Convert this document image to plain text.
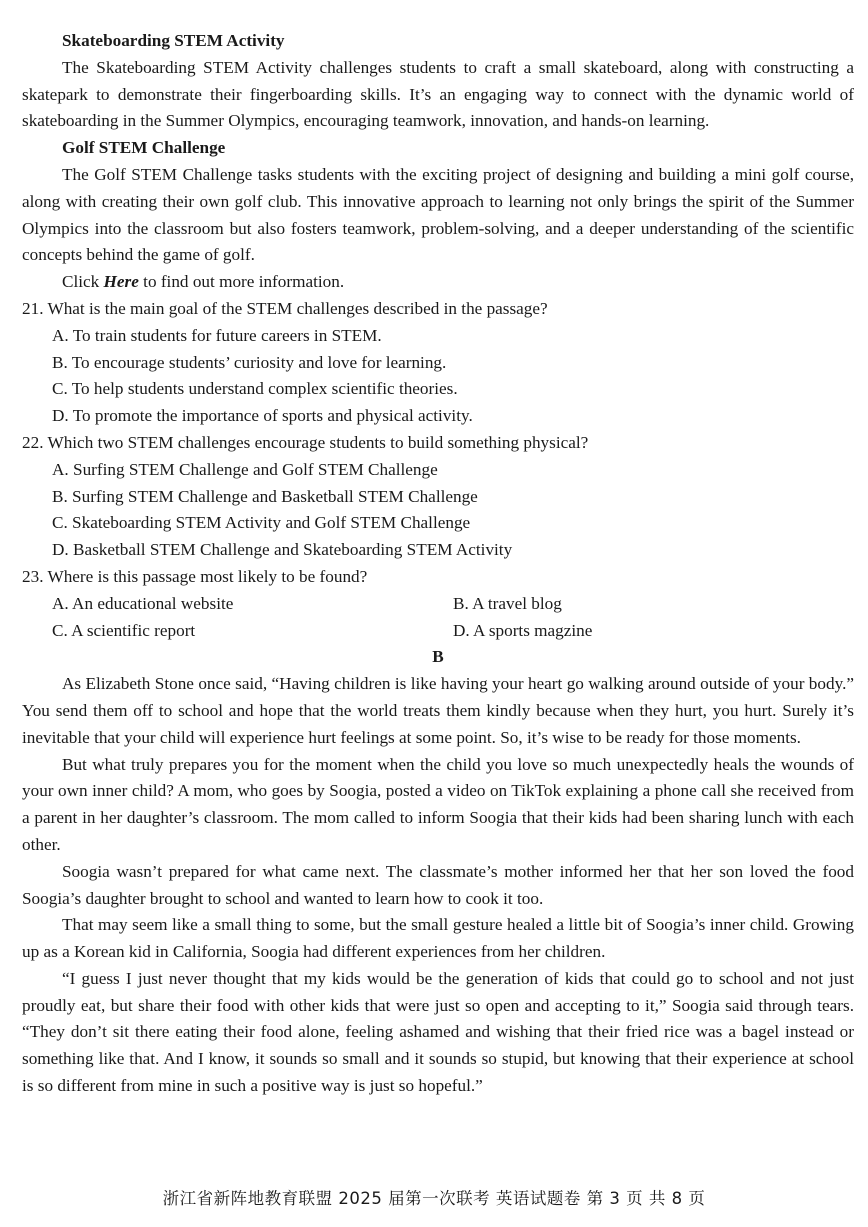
Skateboarding STEM Activity

The Skateboarding STEM Activity challenges students to craft a small skateboard, along with constructing a skatepark to demonstrate their fingerboarding skills. It’s an engaging way to connect with the dynamic world of skateboarding in the Summer Olympics, encouraging teamwork, innovation, and hands-on learning.

Golf STEM Challenge

The Golf STEM Challenge tasks students with the exciting project of designing and building a mini golf course, along with creating their own golf club. This innovative approach to learning not only brings the spirit of the Summer Olympics into the classroom but also fosters teamwork, problem-solving, and a deeper understanding of the scientific concepts behind the game of golf.

Click Here to find out more information.

21. What is the main goal of the STEM challenges described in the passage?

A. To train students for future careers in STEM.

B. To encourage students’ curiosity and love for learning.

C. To help students understand complex scientific theories.

D. To promote the importance of sports and physical activity.

22. Which two STEM challenges encourage students to build something physical?

A. Surfing STEM Challenge and Golf STEM Challenge

B. Surfing STEM Challenge and Basketball STEM Challenge

C. Skateboarding STEM Activity and Golf STEM Challenge

D. Basketball STEM Challenge and Skateboarding STEM Activity

23. Where is this passage most likely to be found?

A. An educational website	B. A travel blog
C. A scientific report	D. A sports magzine

B

As Elizabeth Stone once said, “Having children is like having your heart go walking around outside of your body.” You send them off to school and hope that the world treats them kindly because when they hurt, you hurt. Surely it’s inevitable that your child will experience hurt feelings at some point. So, it’s wise to be ready for those moments.

But what truly prepares you for the moment when the child you love so much unexpectedly heals the wounds of your own inner child? A mom, who goes by Soogia, posted a video on TikTok explaining a phone call she received from a parent in her daughter’s classroom. The mom called to inform Soogia that their kids had been sharing lunch with each other.

Soogia wasn’t prepared for what came next. The classmate’s mother informed her that her son loved the food Soogia’s daughter brought to school and wanted to learn how to cook it too.

That may seem like a small thing to some, but the small gesture healed a little bit of Soogia’s inner child. Growing up as a Korean kid in California, Soogia had different experiences from her children.

“I guess I just never thought that my kids would be the generation of kids that could go to school and not just proudly eat, but share their food with other kids that were just so open and accepting to it,” Soogia said through tears. “They don’t sit there eating their food alone, feeling ashamed and wishing that their fried rice was a bagel instead or something like that. And I know, it sounds so small and it sounds so stupid, but knowing that their experience at school is so different from mine in such a positive way is just so hopeful.”

浙江省新阵地教育联盟 2025 届第一次联考 英语试题卷 第 3 页 共 8 页
